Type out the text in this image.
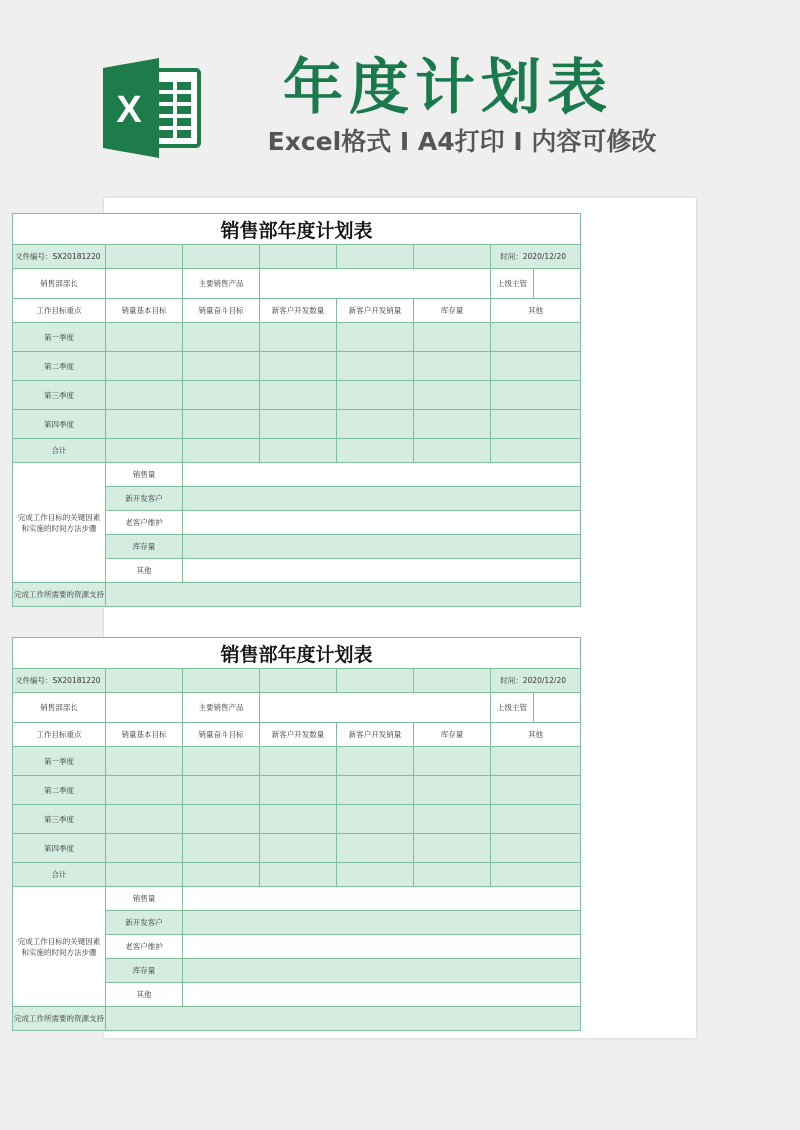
X	年度计划表
Excel格式 Ⅰ A4打印 Ⅰ 内容可修改
销售部年度计划表						
文件编号：SX20181220						时间：2020/12/20
销售部部长		主要销售产品				上级主管

工作目标重点	销量基本目标	销量奋斗目标	新客户开发数量	新客户开发销量	库存量	其他
第一季度						
第二季度						
第三季度						
第四季度						
合计						
完成工作目标的关键因素和实施的时间方法步骤	销售量					
	新开发客户					
	老客户维护					
	库存量					
	其他					
完成工作所需要的资源支持						
销售部年度计划表						
文件编号：SX20181220						时间：2020/12/20
销售部部长		主要销售产品				上级主管

工作目标重点	销量基本目标	销量奋斗目标	新客户开发数量	新客户开发销量	库存量	其他
第一季度						
第二季度						
第三季度						
第四季度						
合计						
完成工作目标的关键因素和实施的时间方法步骤	销售量					
	新开发客户					
	老客户维护					
	库存量					
	其他					
完成工作所需要的资源支持						
